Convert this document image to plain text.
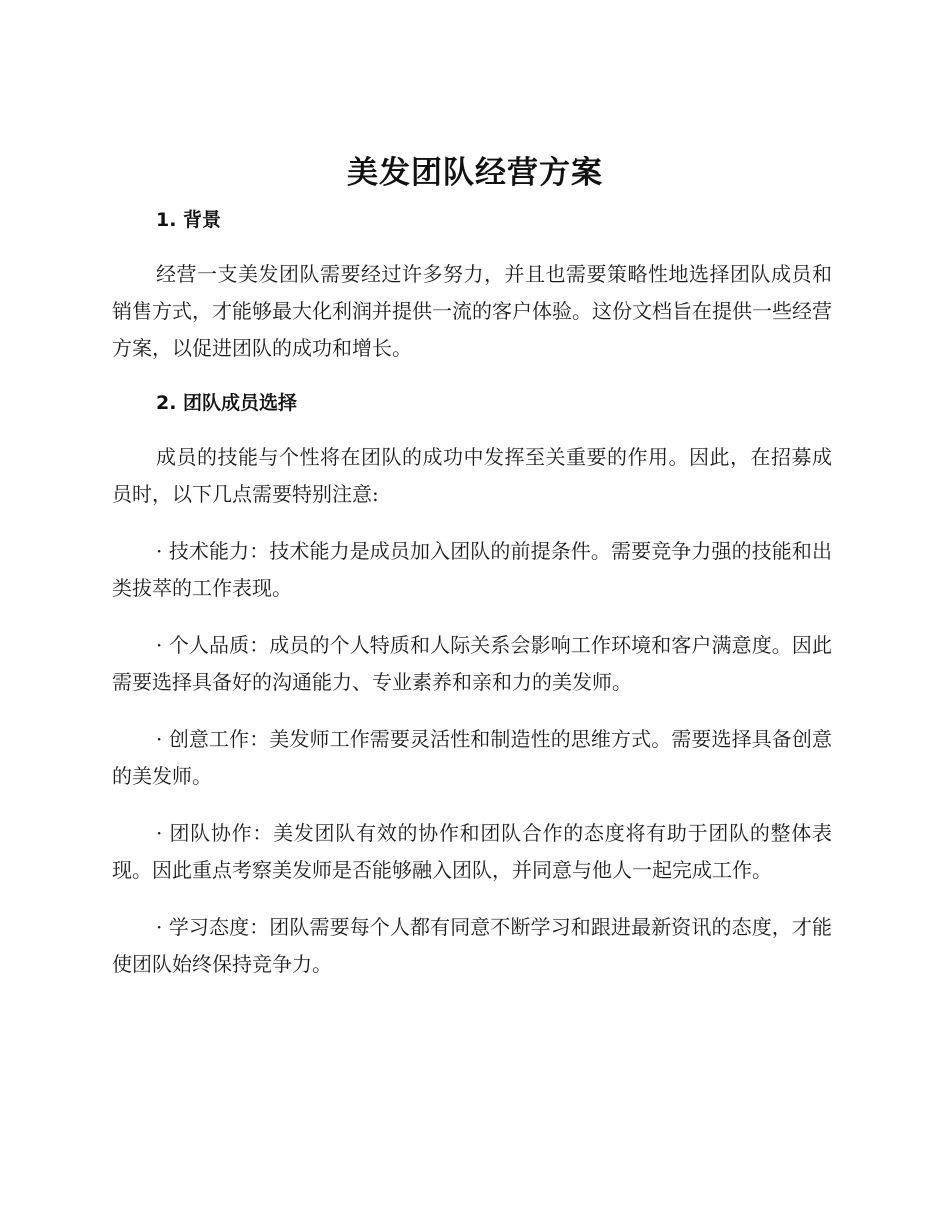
美发团队经营方案
1. 背景

经营一支美发团队需要经过许多努力，并且也需要策略性地选择团队成员和销售方式，才能够最大化利润并提供一流的客户体验。这份文档旨在提供一些经营方案，以促进团队的成功和增长。

2. 团队成员选择

成员的技能与个性将在团队的成功中发挥至关重要的作用。因此，在招募成员时，以下几点需要特别注意:

· 技术能力：技术能力是成员加入团队的前提条件。需要竞争力强的技能和出类拔萃的工作表现。

· 个人品质：成员的个人特质和人际关系会影响工作环境和客户满意度。因此需要选择具备好的沟通能力、专业素养和亲和力的美发师。

· 创意工作：美发师工作需要灵活性和制造性的思维方式。需要选择具备创意的美发师。

· 团队协作：美发团队有效的协作和团队合作的态度将有助于团队的整体表现。因此重点考察美发师是否能够融入团队，并同意与他人一起完成工作。

· 学习态度：团队需要每个人都有同意不断学习和跟进最新资讯的态度，才能使团队始终保持竞争力。
